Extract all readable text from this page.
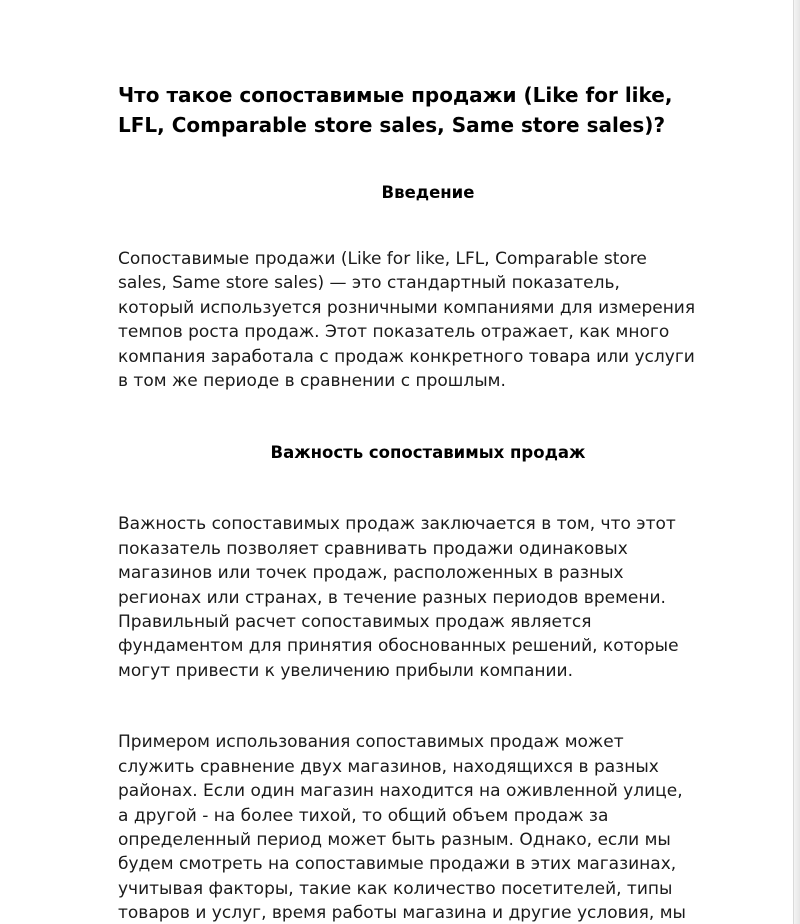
Что такое сопоставимые продажи (Like for like,
LFL, Comparable store sales, Same store sales)?
Введение

Сопоставимые продажи (Like for like, LFL, Comparable store
sales, Same store sales) — это стандартный показатель,
который используется розничными компаниями для измерения
темпов роста продаж. Этот показатель отражает, как много
компания заработала с продаж конкретного товара или услуги
в том же периоде в сравнении с прошлым.

Важность сопоставимых продаж

Важность сопоставимых продаж заключается в том, что этот
показатель позволяет сравнивать продажи одинаковых
магазинов или точек продаж, расположенных в разных
регионах или странах, в течение разных периодов времени.
Правильный расчет сопоставимых продаж является
фундаментом для принятия обоснованных решений, которые
могут привести к увеличению прибыли компании.

Примером использования сопоставимых продаж может
служить сравнение двух магазинов, находящихся в разных
районах. Если один магазин находится на оживленной улице,
а другой - на более тихой, то общий объем продаж за
определенный период может быть разным. Однако, если мы
будем смотреть на сопоставимые продажи в этих магазинах,
учитывая факторы, такие как количество посетителей, типы
товаров и услуг, время работы магазина и другие условия, мы
